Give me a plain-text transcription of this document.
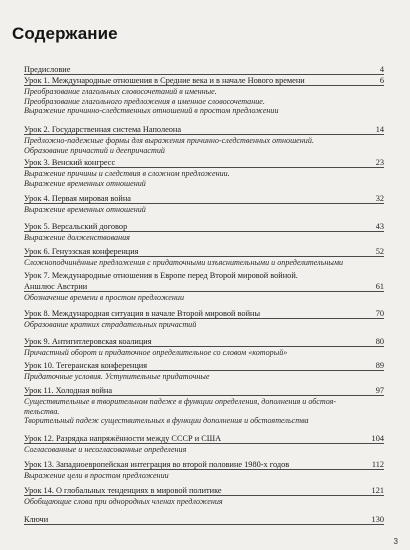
Содержание
Предисловие	4
Урок 1. Международные отношения в Средние века и в начале Нового времени	6
Преобразование глагольных словосочетаний в именные.
Преобразование глагольного предложения в именное словосочетание.
Выражение причинно-следственных отношений в простом предложении
Урок 2. Государственная система Наполеона	14
Предложно-падежные формы для выражения причинно-следственных отношений.
Образование причастий и деепричастий
Урок 3. Венский конгресс	23
Выражение причины и следствия в сложном предложении.
Выражение временных отношений
Урок 4. Первая мировая война	32
Выражение временных отношений
Урок 5. Версальский договор	43
Выражение долженствования
Урок 6. Генуэзская конференция	52
Сложноподчинённые предложения с придаточными изъяснительными и определительными
Урок 7. Международные отношения в Европе перед Второй мировой войной.
Аншлюс Австрии	61
Обозначение времени в простом предложении
Урок 8. Международная ситуация в начале Второй мировой войны	70
Образование кратких страдательных причастий
Урок 9. Антигитлеровская коалиция	80
Причастный оборот и придаточное определительное со словом «который»
Урок 10. Тегеранская конференция	89
Придаточные условия. Уступительные придаточные
Урок 11. Холодная война	97
Существительные в творительном падеже в функции определения, дополнения и обстоя-
тельства.
Творительный падеж существительных в функции дополнения и обстоятельства
Урок 12. Разрядка напряжённости между СССР и США	104
Согласованные и несогласованные определения
Урок 13. Западноевропейская интеграция во второй половине 1980-х годов	112
Выражение цели в простом предложении
Урок 14. О глобальных тенденциях в мировой политике	121
Обобщающие слова при однородных членах предложения
Ключи	130
3
